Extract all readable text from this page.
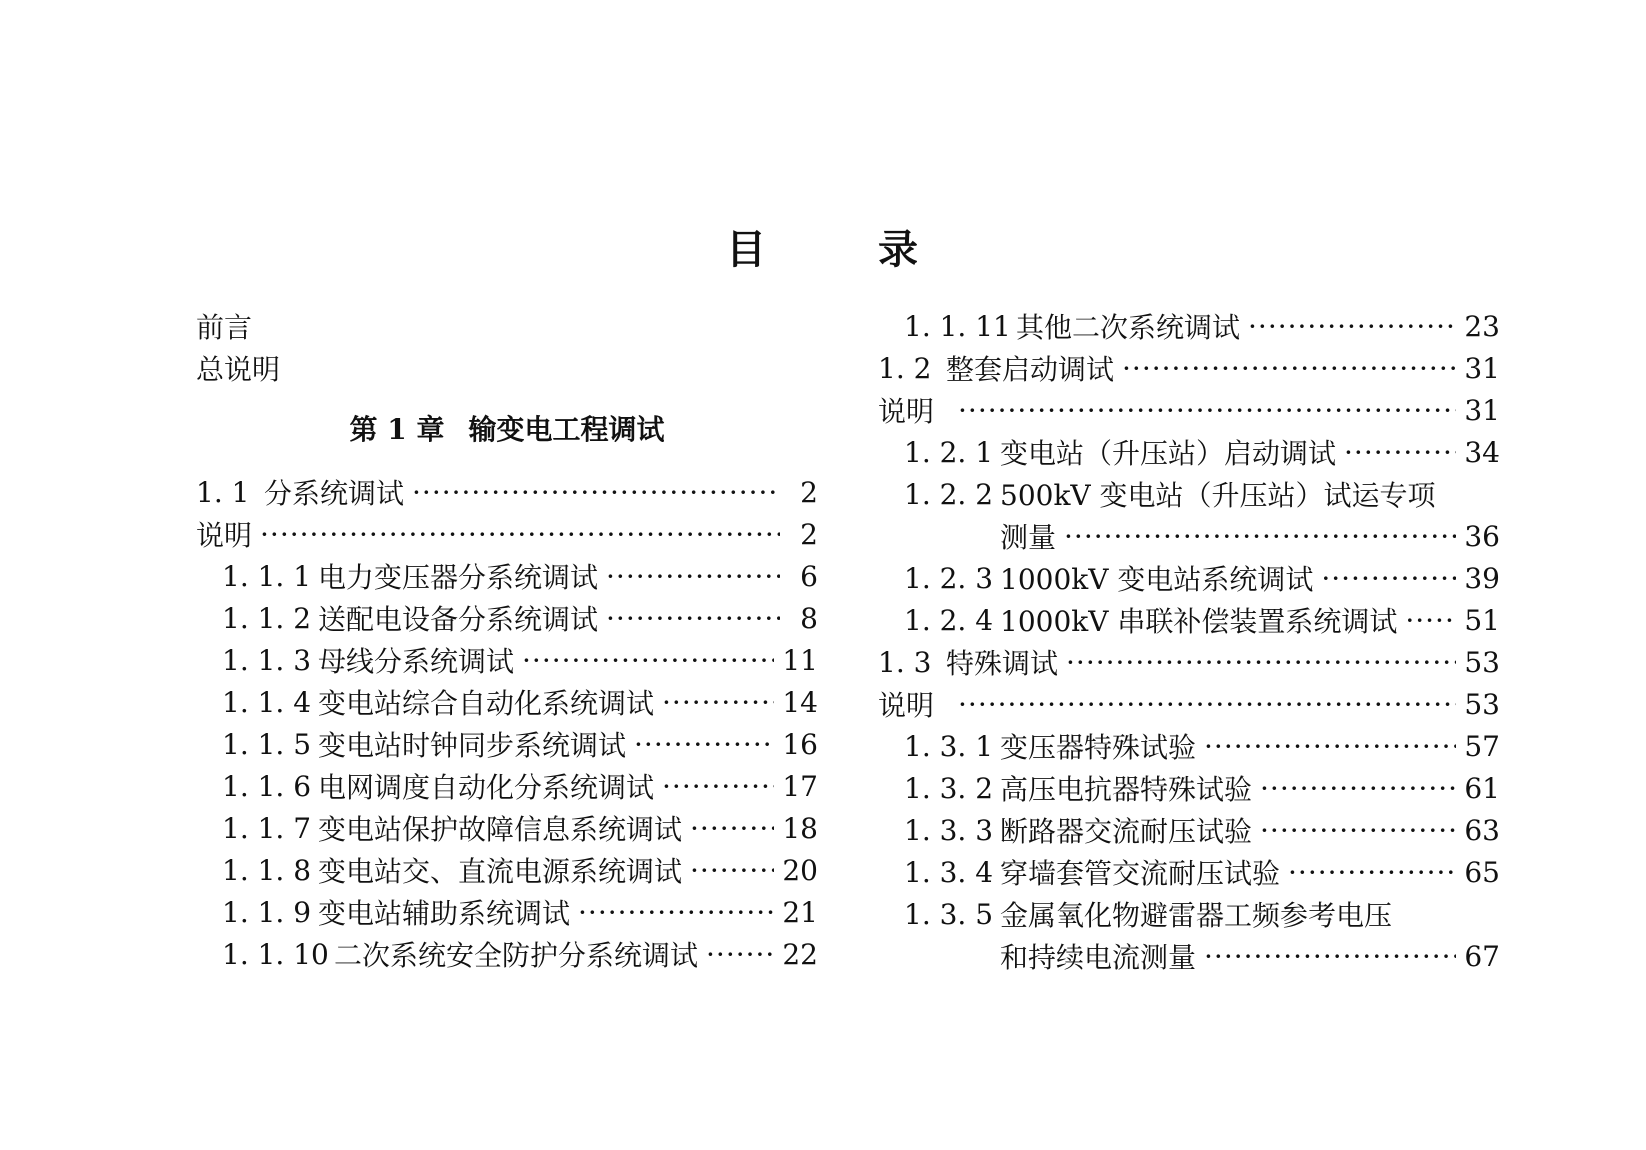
目	录
前言
总说明
第 1 章 输变电工程调试
1. 1 分系统调试 ·····	2
说明 ·····	2
1. 1. 1 电力变压器分系统调试 ·····	6
1. 1. 2 送配电设备分系统调试 ·····	8
1. 1. 3 母线分系统调试 ·····	11
1. 1. 4 变电站综合自动化系统调试 ·····	14
1. 1. 5 变电站时钟同步系统调试 ·····	16
1. 1. 6 电网调度自动化分系统调试 ·····	17
1. 1. 7 变电站保护故障信息系统调试 ·····	18
1. 1. 8 变电站交、直流电源系统调试 ·····	20
1. 1. 9 变电站辅助系统调试 ·····	21
1. 1. 10 二次系统安全防护分系统调试 ·····	22
1. 1. 11 其他二次系统调试 ·····	23
1. 2 整套启动调试 ·····	31
说明 ·····	31
1. 2. 1 变电站（升压站）启动调试 ·····	34
1. 2. 2 500kV 变电站（升压站）试运专项
测量 ·····	36
1. 2. 3 1000kV 变电站系统调试 ·····	39
1. 2. 4 1000kV 串联补偿装置系统调试 ····· 51
1. 3 特殊调试 ·····	53
说明 ·····	53
1. 3. 1 变压器特殊试验 ·····	57
1. 3. 2 高压电抗器特殊试验 ·····	61
1. 3. 3 断路器交流耐压试验 ·····	63
1. 3. 4 穿墙套管交流耐压试验 ·····	65
1. 3. 5 金属氧化物避雷器工频参考电压
和持续电流测量 ·····	67
